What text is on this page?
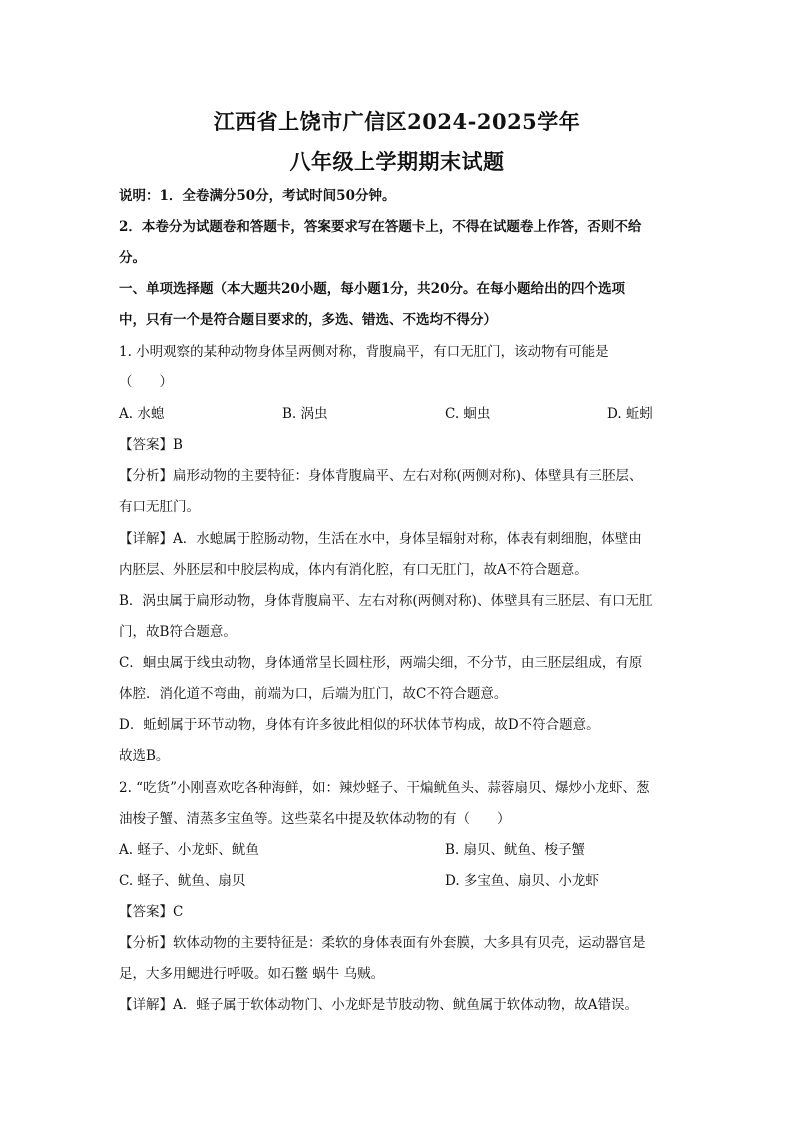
江西省上饶市广信区2024-2025学年
八年级上学期期末试题
说明：1．全卷满分50分，考试时间50分钟。
2．本卷分为试题卷和答题卡，答案要求写在答题卡上，不得在试题卷上作答，否则不给
分。
一、单项选择题（本大题共20小题，每小题1分，共20分。在每小题给出的四个选项
中，只有一个是符合题目要求的，多选、错选、不选均不得分）
1. 小明观察的某种动物身体呈两侧对称，背腹扁平，有口无肛门，该动物有可能是
（　　）
A. 水螅	B. 涡虫	C. 蛔虫	D. 蚯蚓
【答案】B
【分析】扁形动物的主要特征：身体背腹扁平、左右对称(两侧对称)、体壁具有三胚层、
有口无肛门。
【详解】A．水螅属于腔肠动物，生活在水中，身体呈辐射对称，体表有刺细胞，体壁由
内胚层、外胚层和中胶层构成，体内有消化腔，有口无肛门，故A不符合题意。
B．涡虫属于扁形动物，身体背腹扁平、左右对称(两侧对称)、体壁具有三胚层、有口无肛
门，故B符合题意。
C．蛔虫属于线虫动物，身体通常呈长圆柱形，两端尖细，不分节，由三胚层组成，有原
体腔．消化道不弯曲，前端为口，后端为肛门，故C不符合题意。
D．蚯蚓属于环节动物，身体有许多彼此相似的环状体节构成，故D不符合题意。
故选B。
2. “吃货”小刚喜欢吃各种海鲜，如：辣炒蛏子、干煸鱿鱼头、蒜蓉扇贝、爆炒小龙虾、葱
油梭子蟹、清蒸多宝鱼等。这些菜名中提及软体动物的有（　　）
A. 蛏子、小龙虾、鱿鱼	B. 扇贝、鱿鱼、梭子蟹
C. 蛏子、鱿鱼、扇贝	D. 多宝鱼、扇贝、小龙虾
【答案】C
【分析】软体动物的主要特征是：柔软的身体表面有外套膜，大多具有贝壳，运动器官是
足，大多用鳃进行呼吸。如石鳖 蜗牛 乌贼。
【详解】A．蛏子属于软体动物门、小龙虾是节肢动物、鱿鱼属于软体动物，故A错误。
